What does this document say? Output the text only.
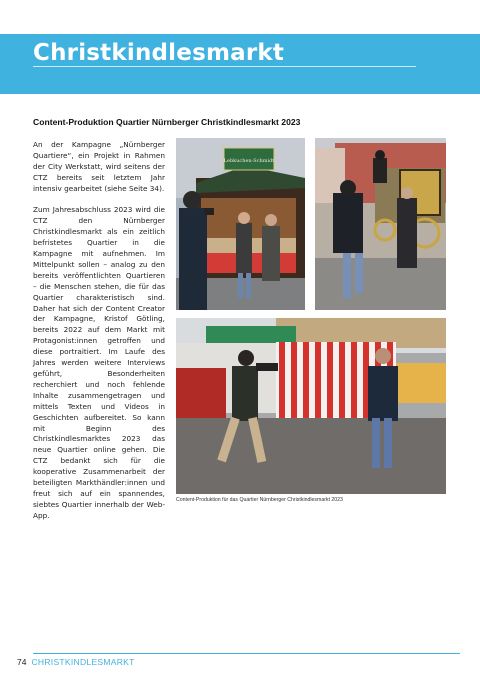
Christkindlesmarkt
Content-Produktion Quartier Nürnberger Christkindlesmarkt 2023

An der Kampagne „Nürnberger Quartiere“, ein Projekt in Rahmen der City Werkstatt, wird seitens der CTZ bereits seit letztem Jahr intensiv gearbeitet (siehe Seite 34).

Zum Jahresabschluss 2023 wird die CTZ den Nürnberger Christkindlesmarkt als ein zeitlich befristetes Quartier in die Kampagne mit aufnehmen. Im Mittelpunkt sollen – analog zu den bereits veröffentlichten Quartieren – die Menschen stehen, die für das Quartier charakteristisch sind. Daher hat sich der Content Creator der Kampagne, Kristof Götling, bereits 2022 auf dem Markt mit Protagonist:innen getroffen und diese portraitiert. Im Laufe des Jahres werden weitere Interviews geführt, Besonderheiten recherchiert und noch fehlende Inhalte zusammengetragen und mittels Texten und Videos in Geschichten aufbereitet. So kann mit Beginn des Christkindlesmarktes 2023 das neue Quartier online gehen. Die CTZ bedankt sich für die kooperative Zusammenarbeit der beteiligten Markthändler:innen und freut sich auf ein spannendes, siebtes Quartier innerhalb der Web-App.

Lebkuchen-Schmidt

Content-Produktion für das Quartier Nürnberger Christkindlesmarkt 2023

74 CHRISTKINDLESMARKT
